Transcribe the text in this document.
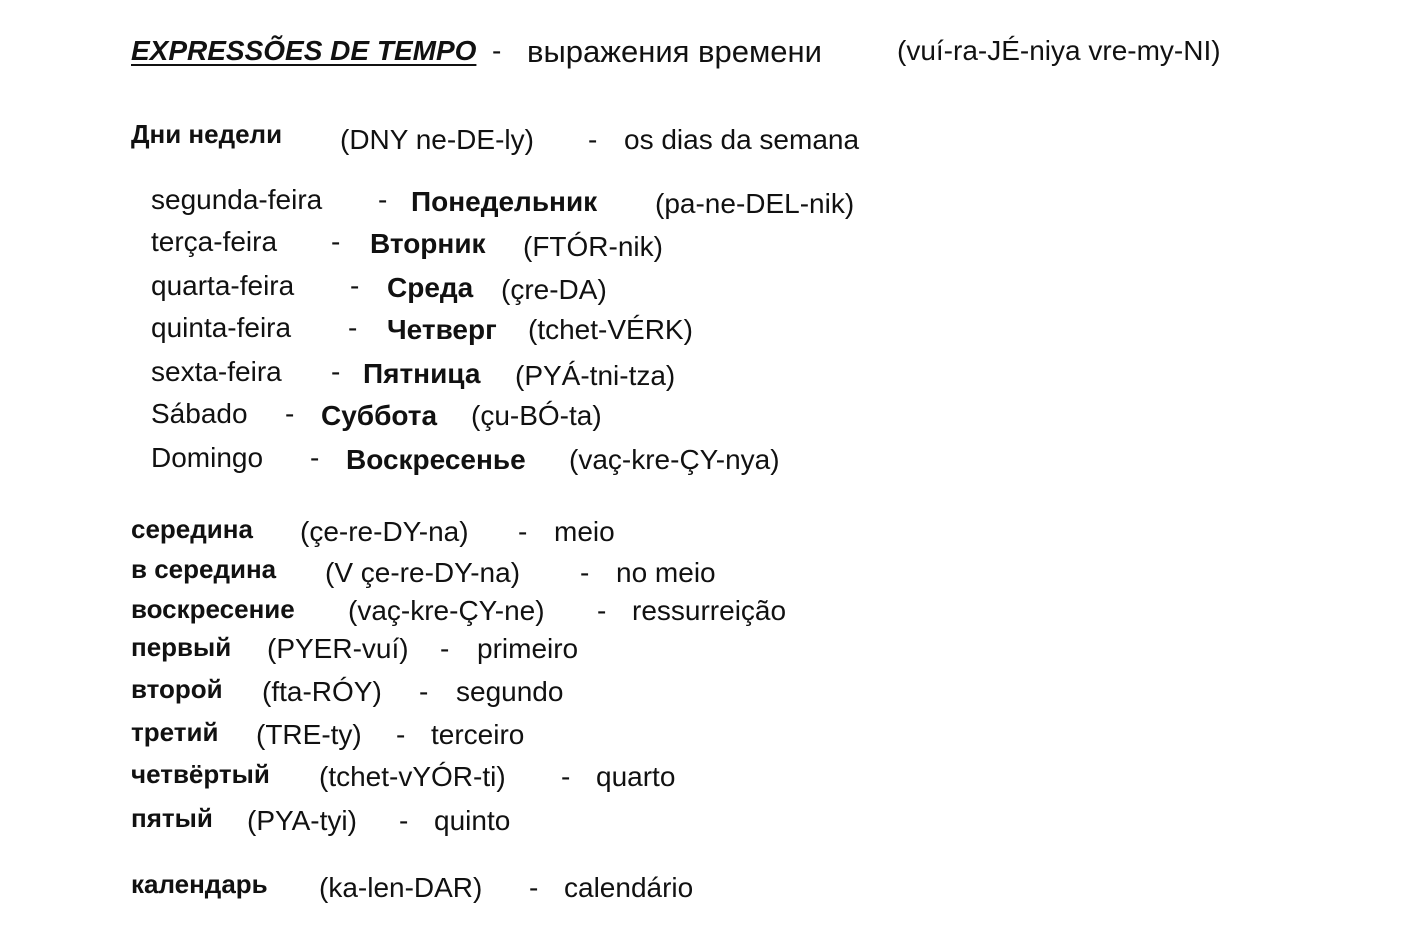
EXPRESSÕES DE TEMPO - выражения времени	(vuí-ra-JÉ-niya vre-my-NI)
Дни недели (DNY ne-DE-ly) - os dias da semana
segunda-feira - Понедельник (pa-ne-DEL-nik)
terça-feira - Вторник (FTÓR-nik)
quarta-feira - Среда (çre-DA)
quinta-feira - Четверг (tchet-VÉRK)
sexta-feira - Пятница (PYÁ-tni-tza)
Sábado - Суббота (çu-BÓ-ta)
Domingo - Воскресенье (vaç-kre-ÇY-nya)
середина (çe-re-DY-na) - meio
в середина (V çe-re-DY-na) - no meio
воскресение (vaç-kre-ÇY-ne) - ressurreição
первый (PYER-vuí) - primeiro
второй (fta-RÓY) - segundo
третий (TRE-ty) - terceiro
четвёртый (tchet-vYÓR-ti) - quarto
пятый (PYA-tyi) - quinto
календарь (ka-len-DAR) - calendário
